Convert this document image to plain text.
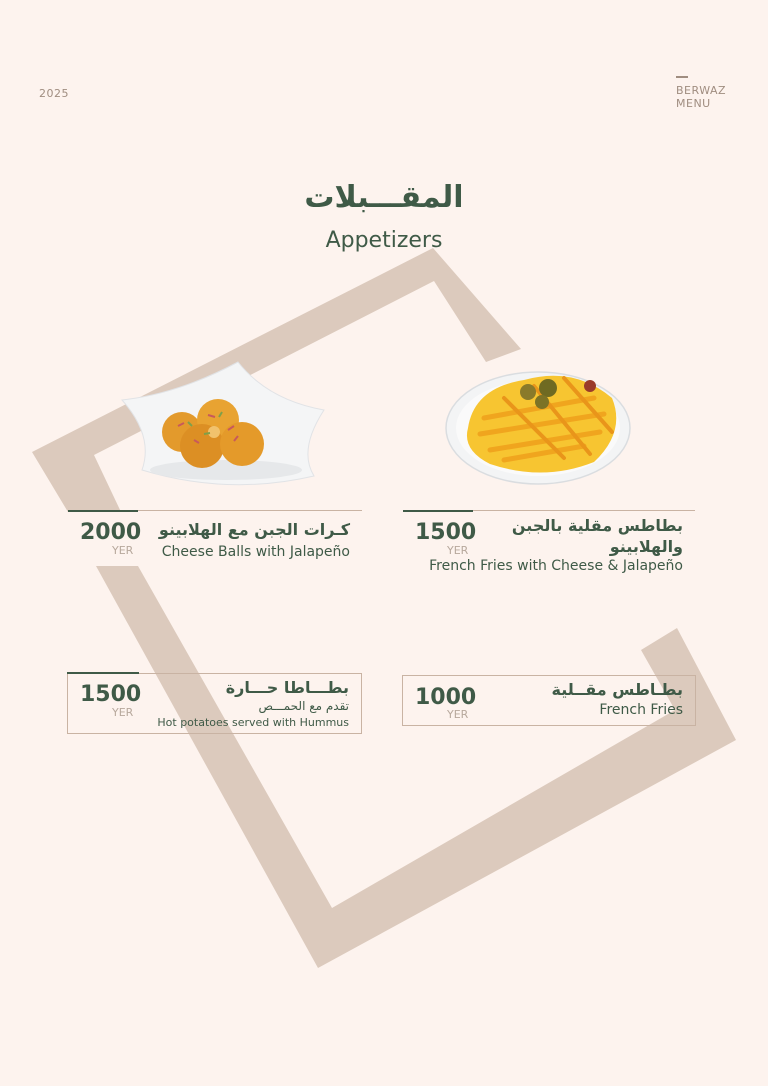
2025	BERWAZ
MENU
المقـــبلات
Appetizers
2000
YER
كـرات الجبن مع الهلابينو
Cheese Balls with Jalapeño
1500
YER
بطاطس مقلية بالجبن
والهلابينو
French Fries with Cheese & Jalapeño
1500
YER
بطـــاطا حـــارة
تقدم مع الحمـــص
Hot potatoes served with Hummus
1000
YER
بطـاطس مقــلية
French Fries
